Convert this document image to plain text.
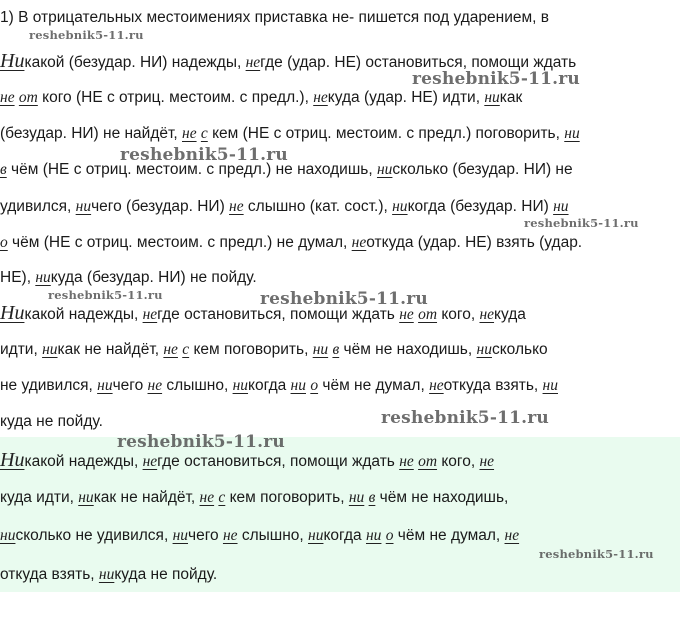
1) В отрицательных местоимениях приставка не- пишется под ударением, в
Никакой (безудар. НИ) надежды, негде (удар. НЕ) остановиться, помощи ждать
не от кого (НЕ с отриц. местоим. с предл.), некуда (удар. НЕ) идти, никак
(безудар. НИ) не найдёт, не с кем (НЕ с отриц. местоим. с предл.) поговорить, ни
в чём (НЕ с отриц. местоим. с предл.) не находишь, нисколько (безудар. НИ) не
удивился, ничего (безудар. НИ) не слышно (кат. сост.), никогда (безудар. НИ) ни
о чём (НЕ с отриц. местоим. с предл.) не думал, неоткуда (удар. НЕ) взять (удар.
НЕ), никуда (безудар. НИ) не пойду.
Никакой надежды, негде остановиться, помощи ждать не от кого, некуда
идти, никак не найдёт, не с кем поговорить, ни в чём не находишь, нисколько
не удивился, ничего не слышно, никогда ни о чём не думал, неоткуда взять, ни
куда не пойду.
Никакой надежды, негде остановиться, помощи ждать не от кого, не
куда идти, никак не найдёт, не с кем поговорить, ни в чём не находишь,
нисколько не удивился, ничего не слышно, никогда ни о чём не думал, не
откуда взять, никуда не пойду.
reshebnik5-11.ru
reshebnik5-11.ru
reshebnik5-11.ru
reshebnik5-11.ru
reshebnik5-11.ru	reshebnik5-11.ru
reshebnik5-11.ru
reshebnik5-11.ru
reshebnik5-11.ru
